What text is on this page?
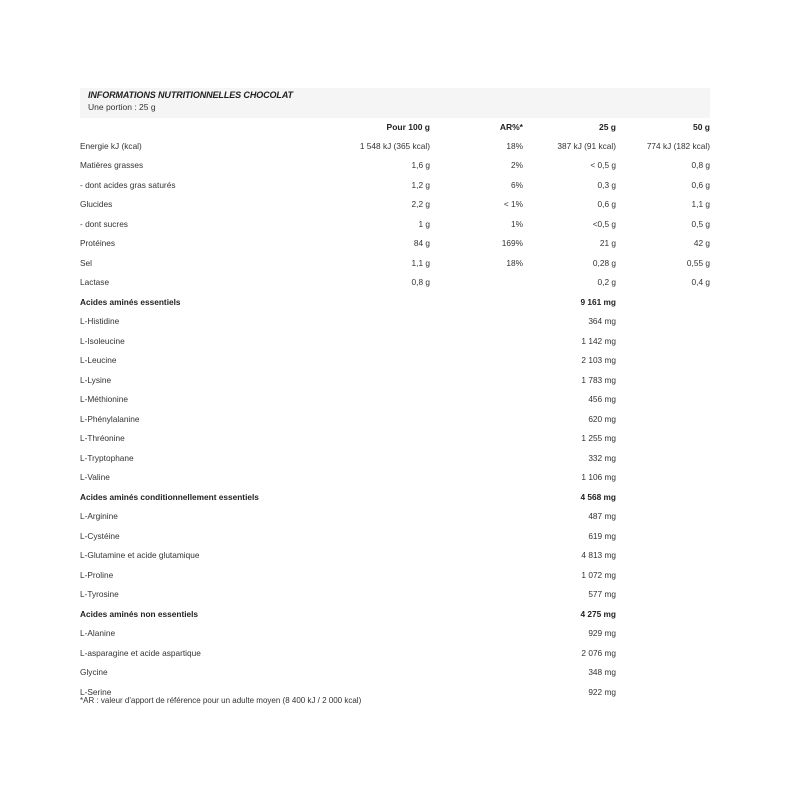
INFORMATIONS NUTRITIONNELLES CHOCOLAT
Une portion : 25 g
	Pour 100 g	AR%*	25 g	50 g
Energie kJ (kcal)	1 548 kJ (365 kcal)	18%	387 kJ (91 kcal)	774 kJ (182 kcal)
Matières grasses	1,6 g	2%	< 0,5 g	0,8 g
- dont acides gras saturés	1,2 g	6%	0,3 g	0,6 g
Glucides	2,2 g	< 1%	0,6 g	1,1 g
- dont sucres	1 g	1%	<0,5 g	0,5 g
Protéines	84 g	169%	21 g	42 g
Sel	1,1 g	18%	0,28 g	0,55 g
Lactase	0,8 g		0,2 g	0,4 g
Acides aminés essentiels			9 161 mg	
L-Histidine			364 mg	
L-Isoleucine			1 142 mg	
L-Leucine			2 103 mg	
L-Lysine			1 783 mg	
L-Méthionine			456 mg	
L-Phénylalanine			620 mg	
L-Thréonine			1 255 mg	
L-Tryptophane			332 mg	
L-Valine			1 106 mg	
Acides aminés conditionnellement essentiels			4 568 mg	
L-Arginine			487 mg	
L-Cystéine			619 mg	
L-Glutamine et acide glutamique			4 813 mg	
L-Proline			1 072 mg	
L-Tyrosine			577 mg	
Acides aminés non essentiels			4 275 mg	
L-Alanine			929 mg	
L-asparagine et acide aspartique			2 076 mg	
Glycine			348 mg	
L-Serine			922 mg	
*AR : valeur d'apport de référence pour un adulte moyen (8 400 kJ / 2 000 kcal)
